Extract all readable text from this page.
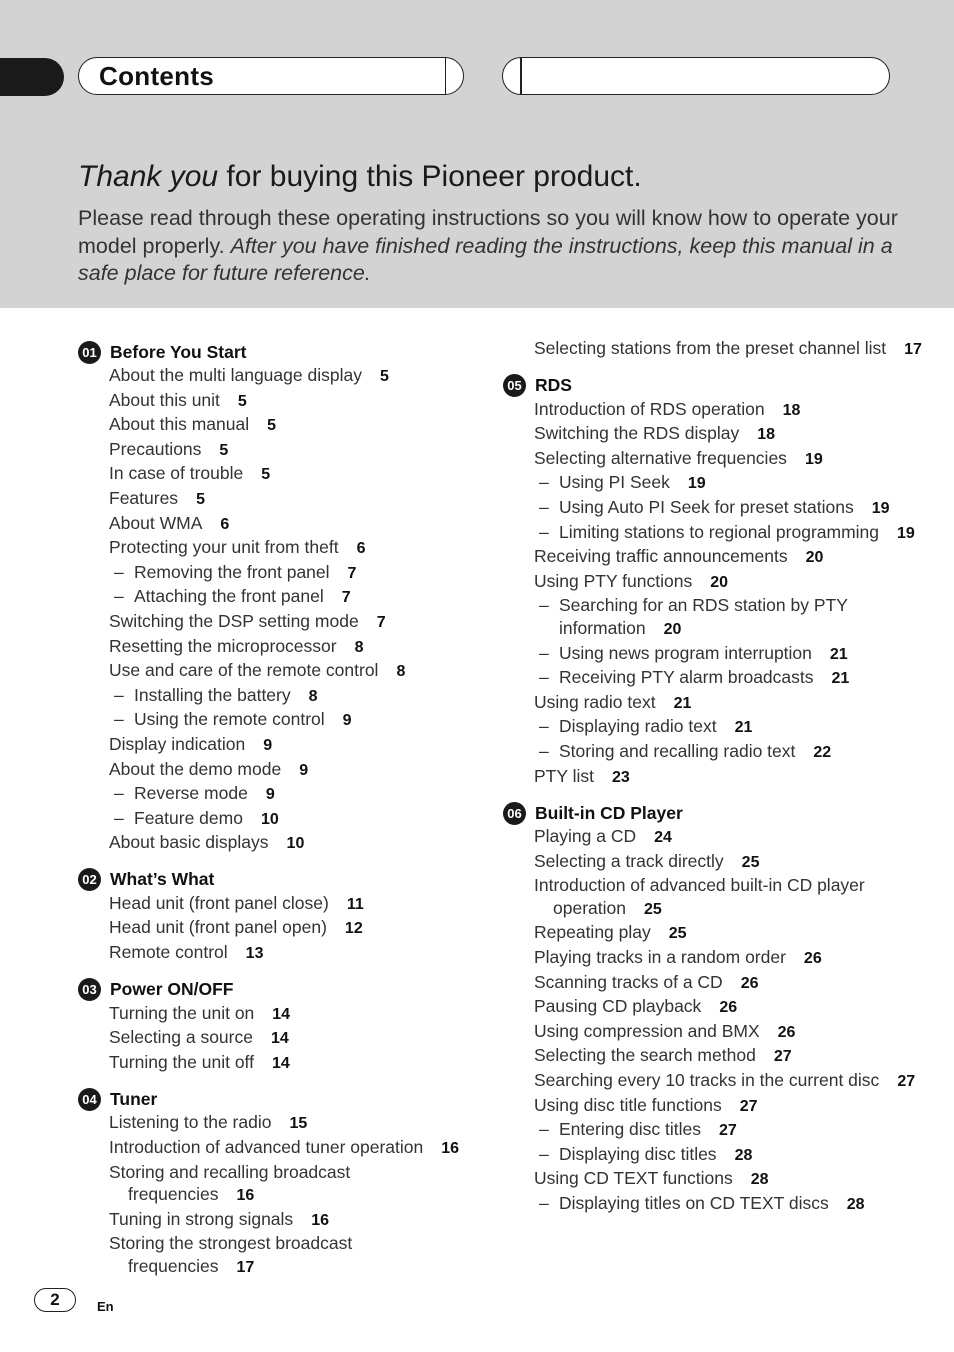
Contents
Thank you for buying this Pioneer product.
Please read through these operating instructions so you will know how to operate your model properly. After you have finished reading the instructions, keep this manual in a safe place for future reference.
01 Before You Start
About the multi language display 5
About this unit 5
About this manual 5
Precautions 5
In case of trouble 5
Features 5
About WMA 6
Protecting your unit from theft 6
– Removing the front panel 7
– Attaching the front panel 7
Switching the DSP setting mode 7
Resetting the microprocessor 8
Use and care of the remote control 8
– Installing the battery 8
– Using the remote control 9
Display indication 9
About the demo mode 9
– Reverse mode 9
– Feature demo 10
About basic displays 10
02 What’s What
Head unit (front panel close) 11
Head unit (front panel open) 12
Remote control 13
03 Power ON/OFF
Turning the unit on 14
Selecting a source 14
Turning the unit off 14
04 Tuner
Listening to the radio 15
Introduction of advanced tuner operation 16
Storing and recalling broadcast frequencies 16
Tuning in strong signals 16
Storing the strongest broadcast frequencies 17
Selecting stations from the preset channel list 17
05 RDS
Introduction of RDS operation 18
Switching the RDS display 18
Selecting alternative frequencies 19
– Using PI Seek 19
– Using Auto PI Seek for preset stations 19
– Limiting stations to regional programming 19
Receiving traffic announcements 20
Using PTY functions 20
– Searching for an RDS station by PTY information 20
– Using news program interruption 21
– Receiving PTY alarm broadcasts 21
Using radio text 21
– Displaying radio text 21
– Storing and recalling radio text 22
PTY list 23
06 Built-in CD Player
Playing a CD 24
Selecting a track directly 25
Introduction of advanced built-in CD player operation 25
Repeating play 25
Playing tracks in a random order 26
Scanning tracks of a CD 26
Pausing CD playback 26
Using compression and BMX 26
Selecting the search method 27
Searching every 10 tracks in the current disc 27
Using disc title functions 27
– Entering disc titles 27
– Displaying disc titles 28
Using CD TEXT functions 28
– Displaying titles on CD TEXT discs 28
2	En
